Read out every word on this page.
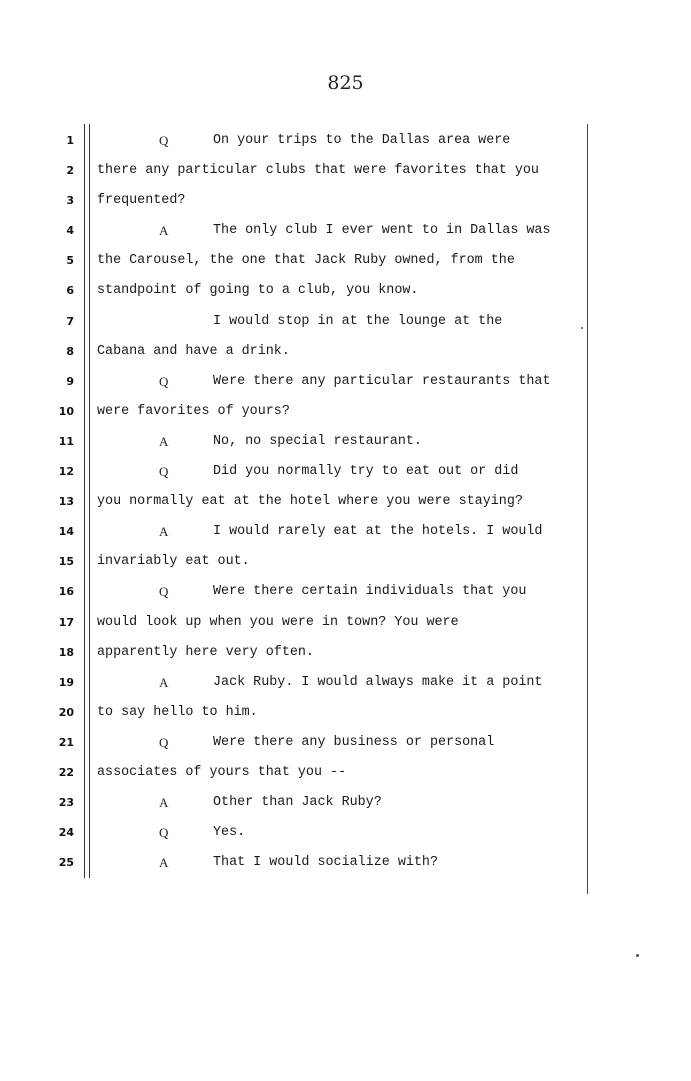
825
1	Q	On your trips to the Dallas area were
2 there any particular clubs that were favorites that you
3 frequented?
4	A	The only club I ever went to in Dallas was
5 the Carousel, the one that Jack Ruby owned, from the
6 standpoint of going to a club, you know.
7	I would stop in at the lounge at the
8 Cabana and have a drink.
9	Q	Were there any particular restaurants that
10 were favorites of yours?
11	A	No, no special restaurant.
12	Q	Did you normally try to eat out or did
13 you normally eat at the hotel where you were staying?
14	A	I would rarely eat at the hotels. I would
15 invariably eat out.
16	Q	Were there certain individuals that you
17 would look up when you were in town? You were
18 apparently here very often.
19	A	Jack Ruby. I would always make it a point
20 to say hello to him.
21	Q	Were there any business or personal
22 associates of yours that you --
23	A	Other than Jack Ruby?
24	Q	Yes.
25	A	That I would socialize with?
